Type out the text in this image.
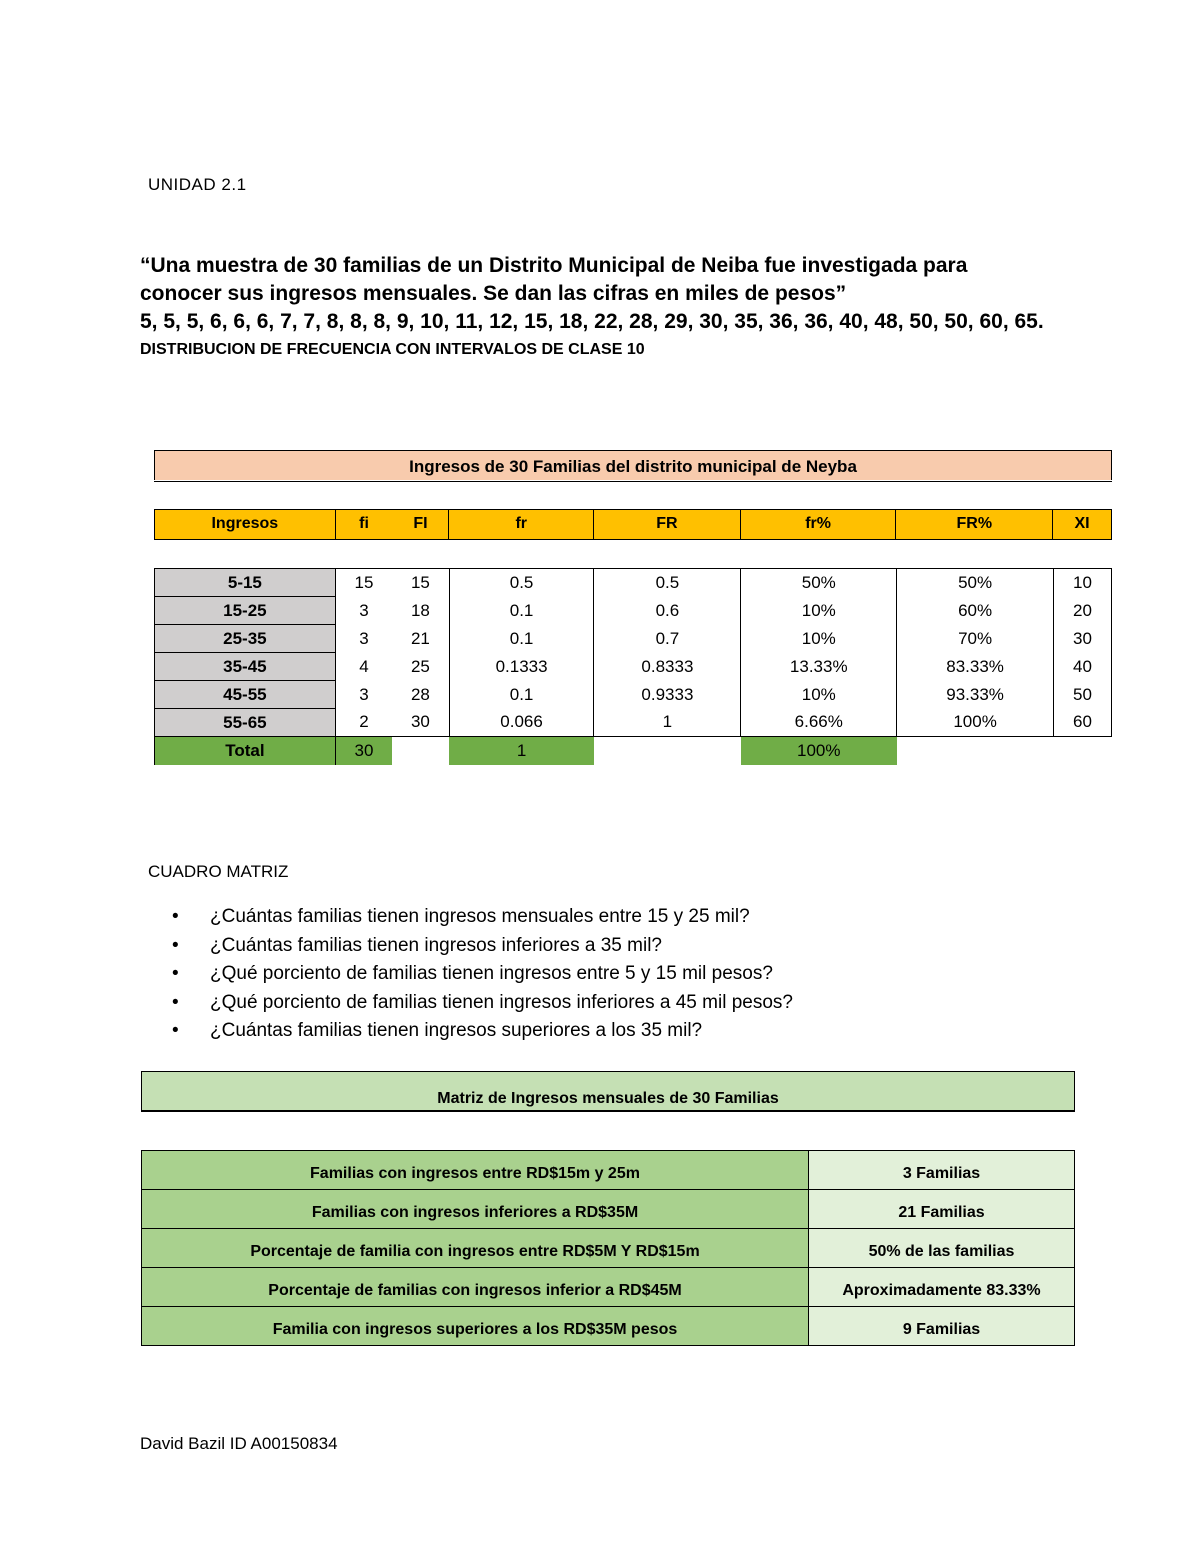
UNIDAD 2.1
“Una muestra de 30 familias de un Distrito Municipal de Neiba fue investigada para
conocer sus ingresos mensuales. Se dan las cifras en miles de pesos”
5, 5, 5, 6, 6, 6, 7, 7, 8, 8, 8, 9, 10, 11, 12, 15, 18, 22, 28, 29, 30, 35, 36, 36, 40, 48, 50, 50, 60, 65.
DISTRIBUCION DE FRECUENCIA CON INTERVALOS DE CLASE 10
Ingresos de 30 Familias del distrito municipal de Neyba
Ingresos	fi	FI	fr	FR	fr%	FR%	XI
5-15	15	15	0.5	0.5	50%	50%	10
15-25	3	18	0.1	0.6	10%	60%	20
25-35	3	21	0.1	0.7	10%	70%	30
35-45	4	25	0.1333	0.8333	13.33%	83.33%	40
45-55	3	28	0.1	0.9333	10%	93.33%	50
55-65	2	30	0.066	1	6.66%	100%	60
Total	30		1		100%		
CUADRO MATRIZ
• ¿Cuántas familias tienen ingresos mensuales entre 15 y 25 mil?
• ¿Cuántas familias tienen ingresos inferiores a 35 mil?
• ¿Qué porciento de familias tienen ingresos entre 5 y 15 mil pesos?
• ¿Qué porciento de familias tienen ingresos inferiores a 45 mil pesos?
• ¿Cuántas familias tienen ingresos superiores a los 35 mil?
Matriz de Ingresos mensuales de 30 Familias
Familias con ingresos entre RD$15m y 25m	3 Familias
Familias con ingresos inferiores a RD$35M	21 Familias
Porcentaje de familia con ingresos entre RD$5M Y RD$15m	50% de las familias
Porcentaje de familias con ingresos inferior a RD$45M	Aproximadamente 83.33%
Familia con ingresos superiores a los RD$35M pesos	9 Familias
David Bazil ID A00150834
